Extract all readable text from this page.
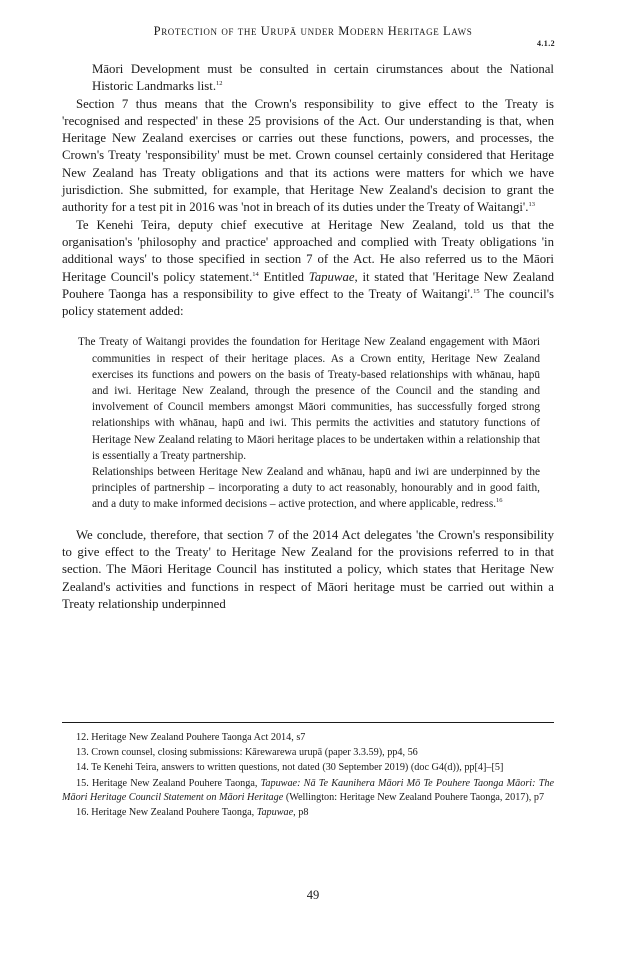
Protection of the Urupā under Modern Heritage Laws
4.1.2

Māori Development must be consulted in certain cirumstances about the National Historic Landmarks list.$^{12}$

Section 7 thus means that the Crown's responsibility to give effect to the Treaty is 'recognised and respected' in these 25 provisions of the Act. Our understanding is that, when Heritage New Zealand exercises or carries out these functions, powers, and processes, the Crown's Treaty 'responsibility' must be met. Crown counsel certainly considered that Heritage New Zealand has Treaty obligations and that its actions were matters for which we have jurisdiction. She submitted, for example, that Heritage New Zealand's decision to grant the authority for a test pit in 2016 was 'not in breach of its duties under the Treaty of Waitangi'.$^{13}$

Te Kenehi Teira, deputy chief executive at Heritage New Zealand, told us that the organisation's 'philosophy and practice' approached and complied with Treaty obligations 'in additional ways' to those specified in section 7 of the Act. He also referred us to the Māori Heritage Council's policy statement.$^{14}$ Entitled Tapuwae, it stated that 'Heritage New Zealand Pouhere Taonga has a responsibility to give effect to the Treaty of Waitangi'.$^{15}$ The council's policy statement added:

The Treaty of Waitangi provides the foundation for Heritage New Zealand engagement with Māori communities in respect of their heritage places. As a Crown entity, Heritage New Zealand exercises its functions and powers on the basis of Treaty-based relationships with whānau, hapū and iwi. Heritage New Zealand, through the presence of the Council and the standing and involvement of Council members amongst Māori communities, has successfully forged strong relationships with whānau, hapū and iwi. This permits the activities and statutory functions of Heritage New Zealand relating to Māori heritage places to be undertaken within a relationship that is essentially a Treaty partnership.

Relationships between Heritage New Zealand and whānau, hapū and iwi are underpinned by the principles of partnership – incorporating a duty to act reasonably, honourably and in good faith, and a duty to make informed decisions – active protection, and where applicable, redress.$^{16}$

We conclude, therefore, that section 7 of the 2014 Act delegates 'the Crown's responsibility to give effect to the Treaty' to Heritage New Zealand for the provisions referred to in that section. The Māori Heritage Council has instituted a policy, which states that Heritage New Zealand's activities and functions in respect of Māori heritage must be carried out within a Treaty relationship underpinned

12. Heritage New Zealand Pouhere Taonga Act 2014, s7

13. Crown counsel, closing submissions: Kārewarewa urupā (paper 3.3.59), pp4, 56

14. Te Kenehi Teira, answers to written questions, not dated (30 September 2019) (doc G4(d)), pp[4]–[5]

15. Heritage New Zealand Pouhere Taonga, Tapuwae: Nā Te Kaunihera Māori Mō Te Pouhere Taonga Māori: The Māori Heritage Council Statement on Māori Heritage (Wellington: Heritage New Zealand Pouhere Taonga, 2017), p7

16. Heritage New Zealand Pouhere Taonga, Tapuwae, p8

49
